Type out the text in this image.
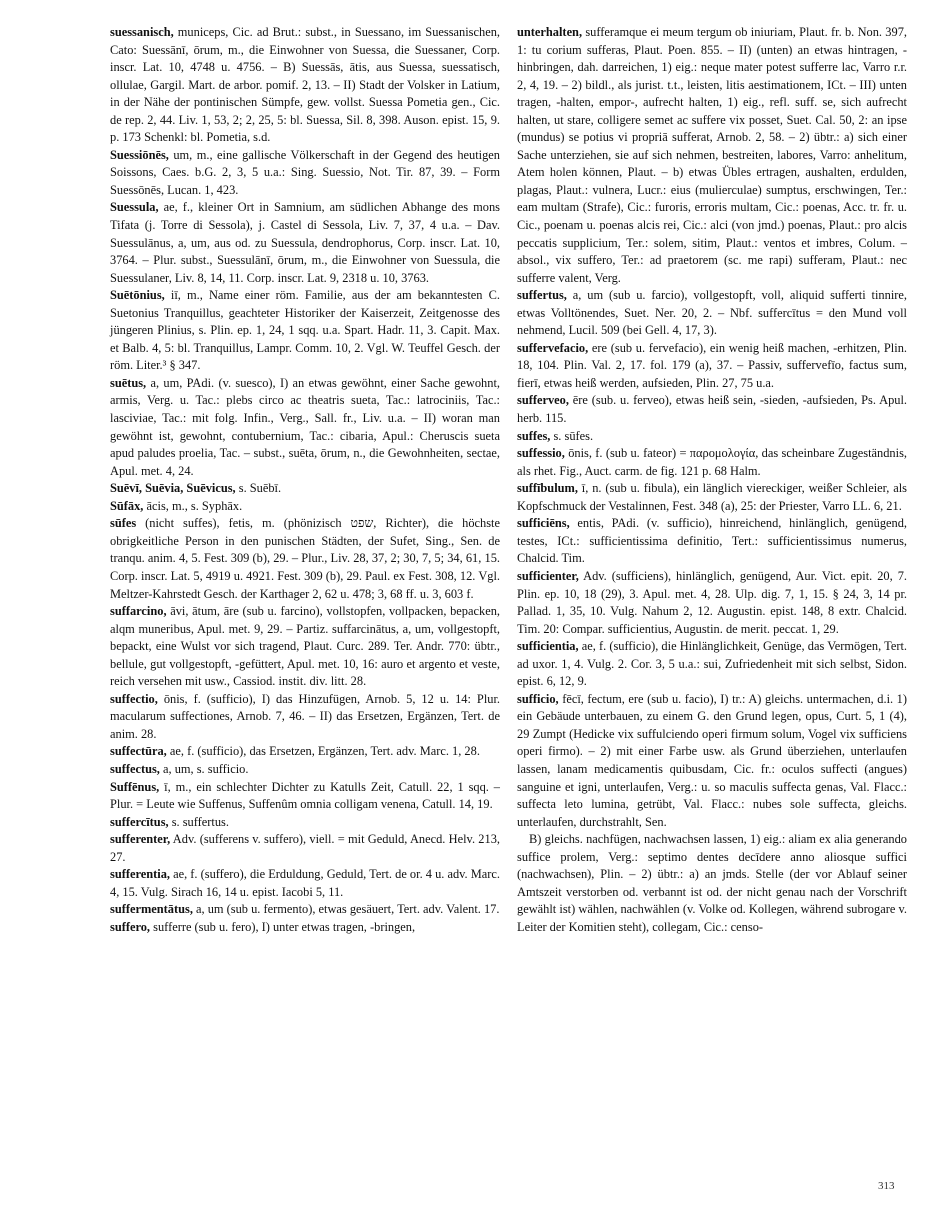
suessanisch, municeps, Cic. ad Brut.: subst., in Suessano, im Suessanischen, Cato: Suessānī, ōrum, m., die Einwohner von Suessa, die Suessaner, Corp. inscr. Lat. 10, 4748 u. 4756. – B) Suessās, ātis, aus Suessa, suessatisch, ollulae, Gargil. Mart. de arbor. pomif. 2, 13. – II) Stadt der Volsker in Latium, in der Nähe der pontinischen Sümpfe, gew. vollst. Suessa Pometia gen., Cic. de rep. 2, 44. Liv. 1, 53, 2; 2, 25, 5: bl. Suessa, Sil. 8, 398. Auson. epist. 15, 9. p. 173 Schenkl: bl. Pometia, s.d.

Suessiōnēs, um, m., eine gallische Völkerschaft in der Gegend des heutigen Soissons, Caes. b.G. 2, 3, 5 u.a.: Sing. Suessio, Not. Tir. 87, 39. – Form Suessōnēs, Lucan. 1, 423.

Suessula, ae, f., kleiner Ort in Samnium, am südlichen Abhange des mons Tifata (j. Torre di Sessola), j. Castel di Sessola, Liv. 7, 37, 4 u.a. – Dav. Suessulānus, a, um, aus od. zu Suessula, dendrophorus, Corp. inscr. Lat. 10, 3764. – Plur. subst., Suessulānī, ōrum, m., die Einwohner von Suessula, die Suessulaner, Liv. 8, 14, 11. Corp. inscr. Lat. 9, 2318 u. 10, 3763.

Suētōnius, iī, m., Name einer röm. Familie, aus der am bekanntesten C. Suetonius Tranquillus, geachteter Historiker der Kaiserzeit, Zeitgenosse des jüngeren Plinius, s. Plin. ep. 1, 24, 1 sqq. u.a. Spart. Hadr. 11, 3. Capit. Max. et Balb. 4, 5: bl. Tranquillus, Lampr. Comm. 10, 2. Vgl. W. Teuffel Gesch. der röm. Liter.³ § 347.

suētus, a, um, PAdi. (v. suesco), I) an etwas gewöhnt, einer Sache gewohnt, armis, Verg. u. Tac.: plebs circo ac theatris sueta, Tac.: latrociniis, Tac.: lasciviae, Tac.: mit folg. Infin., Verg., Sall. fr., Liv. u.a. – II) woran man gewöhnt ist, gewohnt, contubernium, Tac.: cibaria, Apul.: Cheruscis sueta apud paludes proelia, Tac. – subst., suēta, ōrum, n., die Gewohnheiten, sectae, Apul. met. 4, 24.

Suēvī, Suēvia, Suēvicus, s. Suēbī.

Sūfāx, ācis, m., s. Syphāx.

sūfes (nicht suffes), fetis, m. (phönizisch שפט, Richter), die höchste obrigkeitliche Person in den punischen Städten, der Sufet, Sing., Sen. de tranqu. anim. 4, 5. Fest. 309 (b), 29. – Plur., Liv. 28, 37, 2; 30, 7, 5; 34, 61, 15. Corp. inscr. Lat. 5, 4919 u. 4921. Fest. 309 (b), 29. Paul. ex Fest. 308, 12. Vgl. Meltzer-Kahrstedt Gesch. der Karthager 2, 62 u. 478; 3, 68 ff. u. 3, 603 f.

suffarcino, āvi, ātum, āre (sub u. farcino), vollstopfen, vollpacken, bepacken, alqm muneribus, Apul. met. 9, 29. – Partiz. suffarcinātus, a, um, vollgestopft, bepackt, eine Wulst vor sich tragend, Plaut. Curc. 289. Ter. Andr. 770: übtr., bellule, gut vollgestopft, -gefüttert, Apul. met. 10, 16: auro et argento et veste, reich versehen mit usw., Cassiod. instit. div. litt. 28.

suffectio, ōnis, f. (sufficio), I) das Hinzufügen, Arnob. 5, 12 u. 14: Plur. macularum suffectiones, Arnob. 7, 46. – II) das Ersetzen, Ergänzen, Tert. de anim. 28.

suffectūra, ae, f. (sufficio), das Ersetzen, Ergänzen, Tert. adv. Marc. 1, 28.

suffectus, a, um, s. sufficio.

Suffēnus, ī, m., ein schlechter Dichter zu Katulls Zeit, Catull. 22, 1 sqq. – Plur. = Leute wie Suffenus, Suffenûm omnia colligam venena, Catull. 14, 19.

suffercītus, s. suffertus.

sufferenter, Adv. (sufferens v. suffero), viell. = mit Geduld, Anecd. Helv. 213, 27.

sufferentia, ae, f. (suffero), die Erduldung, Geduld, Tert. de or. 4 u. adv. Marc. 4, 15. Vulg. Sirach 16, 14 u. epist. Iacobi 5, 11.

suffermentātus, a, um (sub u. fermento), etwas gesäuert, Tert. adv. Valent. 17.

suffero, sufferre (sub u. fero), I) unter etwas tragen, -bringen,

unterhalten, sufferamque ei meum tergum ob iniuriam, Plaut. fr. b. Non. 397, 1: tu corium sufferas, Plaut. Poen. 855. – II) (unten) an etwas hintragen, -hinbringen, dah. darreichen, 1) eig.: neque mater potest sufferre lac, Varro r.r. 2, 4, 19. – 2) bildl., als jurist. t.t., leisten, litis aestimationem, ICt. – III) unten tragen, -halten, empor-, aufrecht halten, 1) eig., refl. suff. se, sich aufrecht halten, ut stare, colligere semet ac suffere vix posset, Suet. Cal. 50, 2: an ipse (mundus) se potius vi propriā sufferat, Arnob. 2, 58. – 2) übtr.: a) sich einer Sache unterziehen, sie auf sich nehmen, bestreiten, labores, Varro: anhelitum, Atem holen können, Plaut. – b) etwas Übles ertragen, aushalten, erdulden, plagas, Plaut.: vulnera, Lucr.: eius (mulierculae) sumptus, erschwingen, Ter.: eam multam (Strafe), Cic.: furoris, erroris multam, Cic.: poenas, Acc. tr. fr. u. Cic., poenam u. poenas alcis rei, Cic.: alci (von jmd.) poenas, Plaut.: pro alcis peccatis supplicium, Ter.: solem, sitim, Plaut.: ventos et imbres, Colum. – absol., vix suffero, Ter.: ad praetorem (sc. me rapi) sufferam, Plaut.: nec sufferre valent, Verg.

suffertus, a, um (sub u. farcio), vollgestopft, voll, aliquid sufferti tinnire, etwas Volltönendes, Suet. Ner. 20, 2. – Nbf. suffercītus = den Mund voll nehmend, Lucil. 509 (bei Gell. 4, 17, 3).

suffervefacio, ere (sub u. fervefacio), ein wenig heiß machen, -erhitzen, Plin. 18, 104. Plin. Val. 2, 17. fol. 179 (a), 37. – Passiv, suffervefīo, factus sum, fierī, etwas heiß werden, aufsieden, Plin. 27, 75 u.a.

sufferveo, ēre (sub. u. ferveo), etwas heiß sein, -sieden, -aufsieden, Ps. Apul. herb. 115.

suffes, s. sūfes.

suffessio, ōnis, f. (sub u. fateor) = παρομολογία, das scheinbare Zugeständnis, als rhet. Fig., Auct. carm. de fig. 121 p. 68 Halm.

suffībulum, ī, n. (sub u. fibula), ein länglich viereckiger, weißer Schleier, als Kopfschmuck der Vestalinnen, Fest. 348 (a), 25: der Priester, Varro LL. 6, 21.

sufficiēns, entis, PAdi. (v. sufficio), hinreichend, hinlänglich, genügend, testes, ICt.: sufficientissima definitio, Tert.: sufficientissimus numerus, Chalcid. Tim.

sufficienter, Adv. (sufficiens), hinlänglich, genügend, Aur. Vict. epit. 20, 7. Plin. ep. 10, 18 (29), 3. Apul. met. 4, 28. Ulp. dig. 7, 1, 15. § 24, 3, 14 pr. Pallad. 1, 35, 10. Vulg. Nahum 2, 12. Augustin. epist. 148, 8 extr. Chalcid. Tim. 20: Compar. sufficientius, Augustin. de merit. peccat. 1, 29.

sufficientia, ae, f. (sufficio), die Hinlänglichkeit, Genüge, das Vermögen, Tert. ad uxor. 1, 4. Vulg. 2. Cor. 3, 5 u.a.: sui, Zufriedenheit mit sich selbst, Sidon. epist. 6, 12, 9.

sufficio, fēcī, fectum, ere (sub u. facio), I) tr.: A) gleichs. untermachen, d.i. 1) ein Gebäude unterbauen, zu einem G. den Grund legen, opus, Curt. 5, 1 (4), 29 Zumpt (Hedicke vix suffulciendo operi firmum solum, Vogel vix sufficiens operi firmo). – 2) mit einer Farbe usw. als Grund überziehen, unterlaufen lassen, lanam medicamentis quibusdam, Cic. fr.: oculos suffecti (angues) sanguine et igni, unterlaufen, Verg.: u. so maculis suffecta genas, Val. Flacc.: suffecta leto lumina, getrübt, Val. Flacc.: nubes sole suffecta, gleichs. unterlaufen, durchstrahlt, Sen.

B) gleichs. nachfügen, nachwachsen lassen, 1) eig.: aliam ex alia generando suffice prolem, Verg.: septimo dentes decīdere anno aliosque suffici (nachwachsen), Plin. – 2) übtr.: a) an jmds. Stelle (der vor Ablauf seiner Amtszeit verstorben od. verbannt ist od. der nicht genau nach der Vorschrift gewählt ist) wählen, nachwählen (v. Volke od. Kollegen, während subrogare v. Leiter der Komitien steht), collegam, Cic.: censo-

313
